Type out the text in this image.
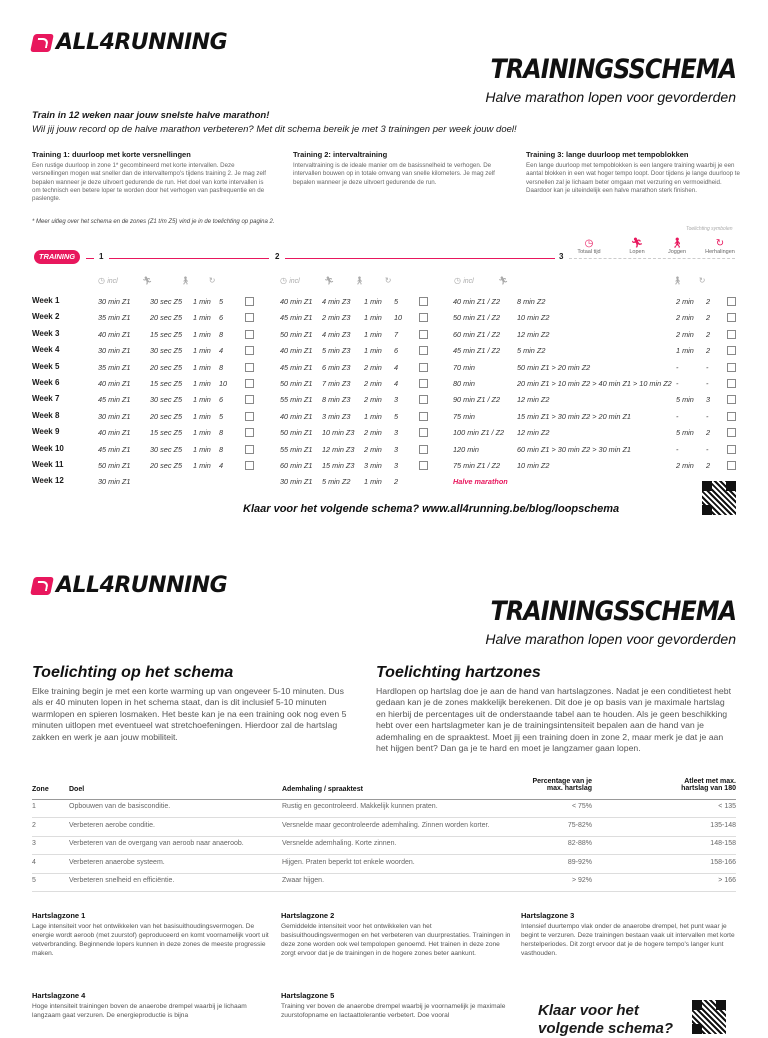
ALL4RUNNING
TRAININGSSCHEMA
Halve marathon lopen voor gevorderden
Train in 12 weken naar jouw snelste halve marathon!
Wil jij jouw record op de halve marathon verbeteren? Met dit schema bereik je met 3 trainingen per week jouw doel!
Training 1: duurloop met korte versnellingen
Een rustige duurloop in zone 1* gecombineerd met korte intervallen. Deze versnellingen mogen wat sneller dan de intervaltempo's tijdens training 2. Je mag zelf bepalen wanneer je deze uitvoert gedurende de run. Het doel van korte intervallen is om technisch een betere loper te worden door het verhogen van pasfrequentie en de paslengte.
Training 2: intervaltraining
Intervaltraining is de ideale manier om de basissnelheid te verhogen. De intervallen bouwen op in totale omvang van snelle kilometers. Je mag zelf bepalen wanneer je deze uitvoert gedurende de run.
Training 3: lange duurloop met tempoblokken
Een lange duurloop met tempoblokken is een langere training waarbij je een aantal blokken in een wat hoger tempo loopt. Door tijdens je lange duurloop te versnellen zal je lichaam beter omgaan met verzuring en vermoeidheid. Daardoor kan je uiteindelijk een halve marathon sterk finishen.
* Meer uitleg over het schema en de zones (Z1 t/m Z5) vind je in de toelichting op pagina 2.
Toelichting symbolen
◷
Totaal tijd
🏃︎
Lopen
🚶︎
Joggen
↻
Herhalingen
TRAINING	1	2	3
◷ incl	🏃︎	🚶︎ ↻	◷ incl	🏃︎	🚶︎	↻	◷ incl	🏃︎	🚶︎ ↻
Week 1	30 min Z1	30 sec Z5 1 min 5	40 min Z1 4 min Z3 1 min 5	40 min Z1 / Z2 8 min Z2	2 min 2
Week 2	35 min Z1	20 sec Z5 1 min 6	45 min Z1 2 min Z3 1 min 10	50 min Z1 / Z2 10 min Z2	2 min 2
Week 3	40 min Z1	15 sec Z5 1 min 8	50 min Z1 4 min Z3 1 min 7	60 min Z1 / Z2 12 min Z2	2 min 2
Week 4	30 min Z1	30 sec Z5 1 min 4	40 min Z1 5 min Z3 1 min 6	45 min Z1 / Z2 5 min Z2	1 min 2
Week 5	35 min Z1	20 sec Z5 1 min 8	45 min Z1 6 min Z3 2 min 4	70 min	50 min Z1 > 20 min Z2	-	-
Week 6	40 min Z1	15 sec Z5 1 min 10	50 min Z1 7 min Z3 2 min 4	80 min	20 min Z1 > 10 min Z2 > 40 min Z1 > 10 min Z2 -	-
Week 7	45 min Z1	30 sec Z5 1 min 6	55 min Z1 8 min Z3 2 min 3	90 min Z1 / Z2 12 min Z2	5 min 3
Week 8	30 min Z1	20 sec Z5 1 min 5	40 min Z1 3 min Z3 1 min 5	75 min	15 min Z1 > 30 min Z2 > 20 min Z1	-	-
Week 9	40 min Z1	15 sec Z5 1 min 8	50 min Z1 10 min Z3 2 min 3	100 min Z1 / Z2 12 min Z2	5 min 2
Week 10	45 min Z1	30 sec Z5 1 min 8	55 min Z1 12 min Z3 2 min 3	120 min	60 min Z1 > 30 min Z2 > 30 min Z1	-	-
Week 11	50 min Z1	20 sec Z5 1 min 4	60 min Z1 15 min Z3 3 min 3	75 min Z1 / Z2 10 min Z2	2 min 2
Week 12	30 min Z1	30 min Z1 5 min Z2 1 min 2	Halve marathon
Klaar voor het volgende schema? www.all4running.be/blog/loopschema
ALL4RUNNING
TRAININGSSCHEMA
Halve marathon lopen voor gevorderden
Toelichting op het schema
Elke training begin je met een korte warming up van ongeveer 5-10 minuten. Dus als er 40 minuten lopen in het schema staat, dan is dit inclusief 5-10 minuten warmlopen en spieren losmaken. Het beste kan je na een training ook nog even 5 minuten uitlopen met eventueel wat stretchoefeningen. Hierdoor zal de hartslag zakken en werk je aan jouw mobiliteit.
Toelichting hartzones
Hardlopen op hartslag doe je aan de hand van hartslagzones. Nadat je een conditietest hebt gedaan kan je de zones makkelijk berekenen. Dit doe je op basis van je maximale hartslag en hierbij de percentages uit de onderstaande tabel aan te houden. Als je geen beschikking hebt over een hartslagmeter kan je de trainingsintensiteit bepalen aan de hand van je ademhaling en de spraaktest. Moet jij een training doen in zone 2, maar merk je dat je aan het hijgen bent? Dan ga je te hard en moet je langzamer gaan lopen.
Zone	Doel	Ademhaling / spraaktest
Percentage van je max. hartslag
Atleet met max. hartslag van 180
1	Opbouwen van de basisconditie.	Rustig en gecontroleerd. Makkelijk kunnen praten.	< 75%	< 135
2	Verbeteren aerobe conditie.	Versnelde maar gecontroleerde ademhaling. Zinnen worden korter.	75-82%	135-148
3	Verbeteren van de overgang van aeroob naar anaeroob.	Versnelde ademhaling. Korte zinnen.	82-88%	148-158
4	Verbeteren anaerobe systeem.	Hijgen. Praten beperkt tot enkele woorden.	89-92%	158-166
5	Verbeteren snelheid en efficiëntie.	Zwaar hijgen.	> 92%	> 166
Hartslagzone 1
Lage intensiteit voor het ontwikkelen van het basisuithoudingsvermogen. De energie wordt aeroob (met zuurstof) geproduceerd en komt voornamelijk voort uit vetverbranding. Beginnende lopers kunnen in deze zones de meeste progressie maken.
Hartslagzone 2
Gemiddelde intensiteit voor het ontwikkelen van het basisuithoudingsvermogen en het verbeteren van duurprestaties. Trainingen in deze zone worden ook wel tempolopen genoemd. Het trainen in deze zone zorgt ervoor dat je de trainingen in de hogere zones beter aankunt.
Hartslagzone 3
Intensief duurtempo vlak onder de anaerobe drempel, het punt waar je begint te verzuren. Deze trainingen bestaan vaak uit intervallen met korte herstelperiodes. Dit zorgt ervoor dat je de hogere tempo's langer kunt vasthouden.
Hartslagzone 4
Hoge intensiteit trainingen boven de anaerobe drempel waarbij je lichaam langzaam gaat verzuren. De energieproductie is bijna
Hartslagzone 5
Training ver boven de anaerobe drempel waarbij je voornamelijk je maximale zuurstofopname en lactaattolerantie verbetert. Doe vooral	Klaar voor het volgende schema?
